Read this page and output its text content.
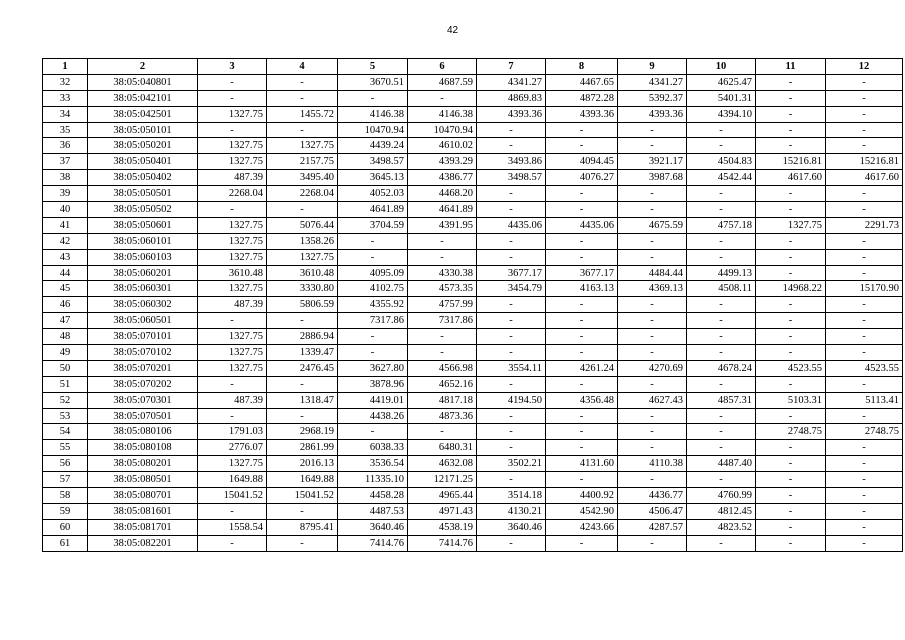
42
1	2	3	4	5	6	7	8	9	10	11	12
32	38:05:040801	-	-	3670.51	4687.59	4341.27	4467.65	4341.27	4625.47	-	-
33	38:05:042101	-	-	-	-	4869.83	4872.28	5392.37	5401.31	-	-
34	38:05:042501	1327.75	1455.72	4146.38	4146.38	4393.36	4393.36	4393.36	4394.10	-	-
35	38:05:050101	-	-	10470.94	10470.94	-	-	-	-	-	-
36	38:05:050201	1327.75	1327.75	4439.24	4610.02	-	-	-	-	-	-
37	38:05:050401	1327.75	2157.75	3498.57	4393.29	3493.86	4094.45	3921.17	4504.83	15216.81	15216.81
38	38:05:050402	487.39	3495.40	3645.13	4386.77	3498.57	4076.27	3987.68	4542.44	4617.60	4617.60
39	38:05:050501	2268.04	2268.04	4052.03	4468.20	-	-	-	-	-	-
40	38:05:050502	-	-	4641.89	4641.89	-	-	-	-	-	-
41	38:05:050601	1327.75	5076.44	3704.59	4391.95	4435.06	4435.06	4675.59	4757.18	1327.75	2291.73
42	38:05:060101	1327.75	1358.26	-	-	-	-	-	-	-	-
43	38:05:060103	1327.75	1327.75	-	-	-	-	-	-	-	-
44	38:05:060201	3610.48	3610.48	4095.09	4330.38	3677.17	3677.17	4484.44	4499.13	-	-
45	38:05:060301	1327.75	3330.80	4102.75	4573.35	3454.79	4163.13	4369.13	4508.11	14968.22	15170.90
46	38:05:060302	487.39	5806.59	4355.92	4757.99	-	-	-	-	-	-
47	38:05:060501	-	-	7317.86	7317.86	-	-	-	-	-	-
48	38:05:070101	1327.75	2886.94	-	-	-	-	-	-	-	-
49	38:05:070102	1327.75	1339.47	-	-	-	-	-	-	-	-
50	38:05:070201	1327.75	2476.45	3627.80	4566.98	3554.11	4261.24	4270.69	4678.24	4523.55	4523.55
51	38:05:070202	-	-	3878.96	4652.16	-	-	-	-	-	-
52	38:05:070301	487.39	1318.47	4419.01	4817.18	4194.50	4356.48	4627.43	4857.31	5103.31	5113.41
53	38:05:070501	-	-	4438.26	4873.36	-	-	-	-	-	-
54	38:05:080106	1791.03	2968.19	-	-	-	-	-	-	2748.75	2748.75
55	38:05:080108	2776.07	2861.99	6038.33	6480.31	-	-	-	-	-	-
56	38:05:080201	1327.75	2016.13	3536.54	4632.08	3502.21	4131.60	4110.38	4487.40	-	-
57	38:05:080501	1649.88	1649.88	11335.10	12171.25	-	-	-	-	-	-
58	38:05:080701	15041.52	15041.52	4458.28	4965.44	3514.18	4400.92	4436.77	4760.99	-	-
59	38:05:081601	-	-	4487.53	4971.43	4130.21	4542.90	4506.47	4812.45	-	-
60	38:05:081701	1558.54	8795.41	3640.46	4538.19	3640.46	4243.66	4287.57	4823.52	-	-
61	38:05:082201	-	-	7414.76	7414.76	-	-	-	-	-	-
